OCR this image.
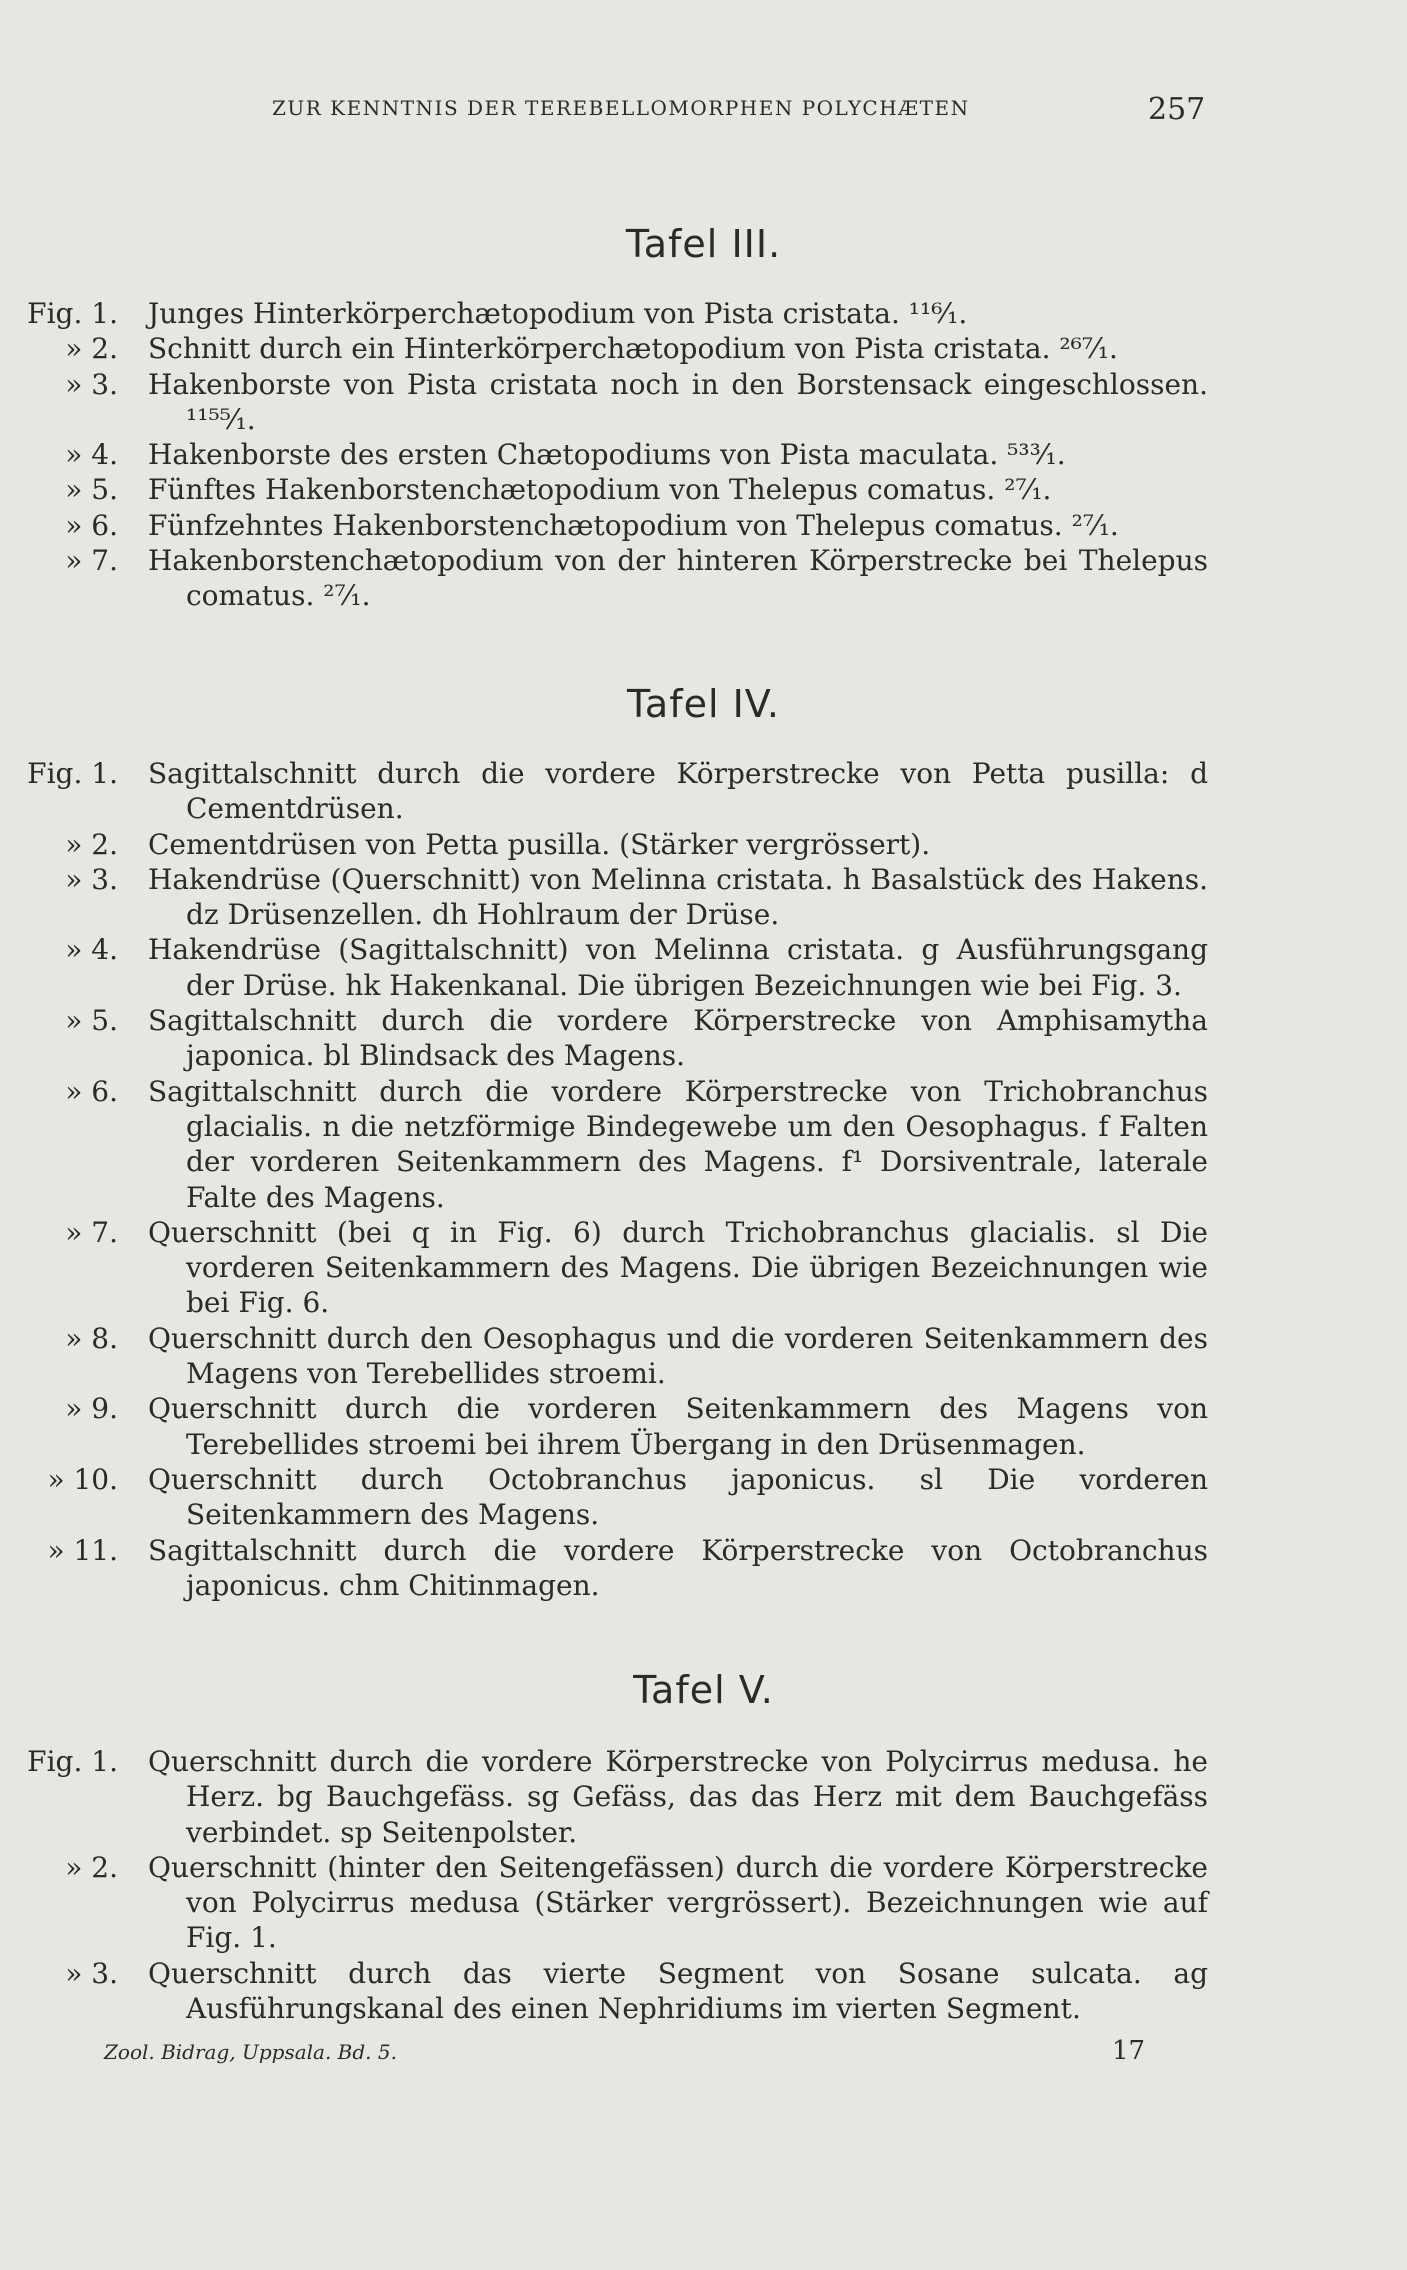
ZUR KENNTNIS DER TEREBELLOMORPHEN POLYCHÆTEN	257
Tafel III.
Fig. 1. Junges Hinterkörperchætopodium von Pista cristata. ¹¹⁶⁄₁.
» 2. Schnitt durch ein Hinterkörperchætopodium von Pista cristata. ²⁶⁷⁄₁.
» 3. Hakenborste von Pista cristata noch in den Borstensack eingeschlossen. ¹¹⁵⁵⁄₁.
» 4. Hakenborste des ersten Chætopodiums von Pista maculata. ⁵³³⁄₁.
» 5. Fünftes Hakenborstenchætopodium von Thelepus comatus. ²⁷⁄₁.
» 6. Fünfzehntes Hakenborstenchætopodium von Thelepus comatus. ²⁷⁄₁.
» 7. Hakenborstenchætopodium von der hinteren Körperstrecke bei Thelepus comatus. ²⁷⁄₁.
Tafel IV.
Fig. 1. Sagittalschnitt durch die vordere Körperstrecke von Petta pusilla: d Cementdrüsen.
» 2. Cementdrüsen von Petta pusilla. (Stärker vergrössert).
» 3. Hakendrüse (Querschnitt) von Melinna cristata. h Basalstück des Hakens. dz Drüsenzellen. dh Hohlraum der Drüse.
» 4. Hakendrüse (Sagittalschnitt) von Melinna cristata. g Ausführungsgang der Drüse. hk Hakenkanal. Die übrigen Bezeichnungen wie bei Fig. 3.
» 5. Sagittalschnitt durch die vordere Körperstrecke von Amphisamytha japonica. bl Blindsack des Magens.
» 6. Sagittalschnitt durch die vordere Körperstrecke von Trichobranchus glacialis. n die netzförmige Bindegewebe um den Oesophagus. f Falten der vorderen Seitenkammern des Magens. f¹ Dorsiventrale, laterale Falte des Magens.
» 7. Querschnitt (bei q in Fig. 6) durch Trichobranchus glacialis. sl Die vorderen Seitenkammern des Magens. Die übrigen Bezeichnungen wie bei Fig. 6.
» 8. Querschnitt durch den Oesophagus und die vorderen Seitenkammern des Magens von Terebellides stroemi.
» 9. Querschnitt durch die vorderen Seitenkammern des Magens von Terebellides stroemi bei ihrem Übergang in den Drüsenmagen.
» 10. Querschnitt durch Octobranchus japonicus. sl Die vorderen Seitenkammern des Magens.
» 11. Sagittalschnitt durch die vordere Körperstrecke von Octobranchus japonicus. chm Chitinmagen.
Tafel V.
Fig. 1. Querschnitt durch die vordere Körperstrecke von Polycirrus medusa. he Herz. bg Bauchgefäss. sg Gefäss, das das Herz mit dem Bauchgefäss verbindet. sp Seitenpolster.
» 2. Querschnitt (hinter den Seitengefässen) durch die vordere Körperstrecke von Polycirrus medusa (Stärker vergrössert). Bezeichnungen wie auf Fig. 1.
» 3. Querschnitt durch das vierte Segment von Sosane sulcata. ag Ausführungskanal des einen Nephridiums im vierten Segment.
Zool. Bidrag, Uppsala. Bd. 5.	17
